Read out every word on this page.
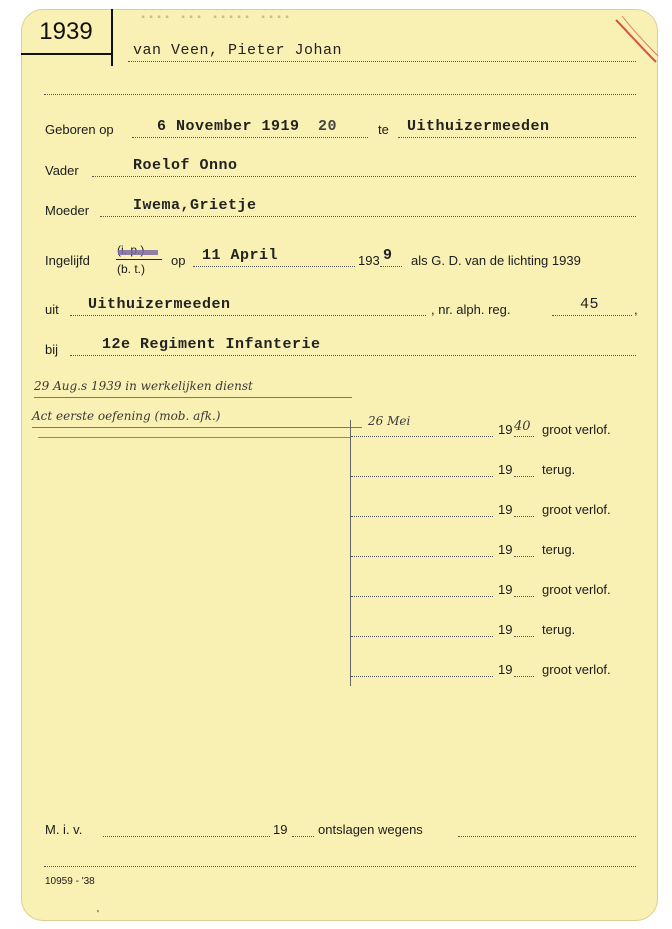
▪▪▪▪ ▪▪▪ ▪▪▪▪▪ ▪▪▪▪
1939
van Veen, Pieter Johan
Geboren op	6 November 1919 20	te Uithuizermeeden
Vader	Roelof Onno
Moeder	Iwema,Grietje
Ingelijfd
(b. t.)
op 11 April	193 9 als G. D. van de lichting 1939
uit Uithuizermeeden	, nr. alph. reg.	45	,
bij	12e Regiment Infanterie
29 Aug.s 1939 in werkelijken dienst
Act eerste oefening (mob. afk.)	26 Mei
19 40 groot verlof.
19 terug.
19 groot verlof.
19 terug.
19 groot verlof.
19 terug.
19 groot verlof.
M. i. v.	19 ontslagen wegens
10959 - '38
'
